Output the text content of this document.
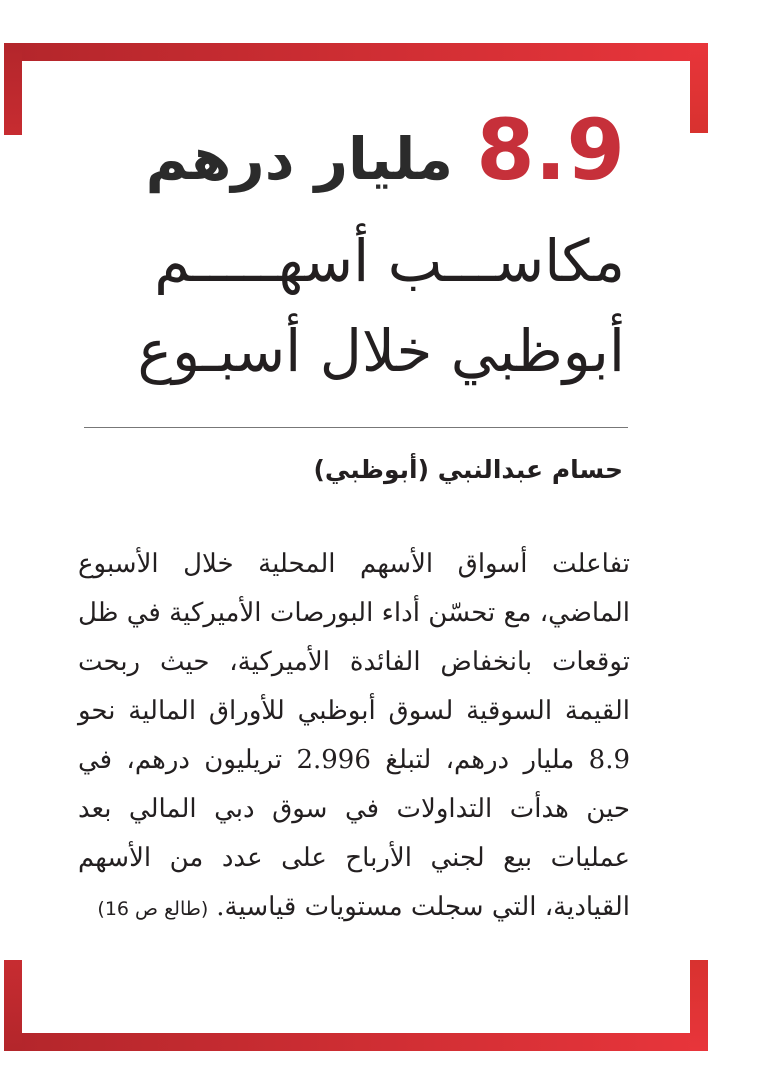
8.9 مليار درهم
مكاســـب أسهـــــم
أبوظبي خلال أسبـوع
حسام عبدالنبي (أبوظبي)
تفاعلت أسواق الأسهم المحلية خلال الأسبوع الماضي، مع تحسّن أداء البورصات الأميركية في ظل توقعات بانخفاض الفائدة الأميركية، حيث ربحت القيمة السوقية لسوق أبوظبي للأوراق المالية نحو 8.9 مليار درهم، لتبلغ 2.996 تريليون درهم، في حين هدأت التداولات في سوق دبي المالي بعد عمليات بيع لجني الأرباح على عدد من الأسهم القيادية، التي سجلت مستويات قياسية.(طالع ص 16)
